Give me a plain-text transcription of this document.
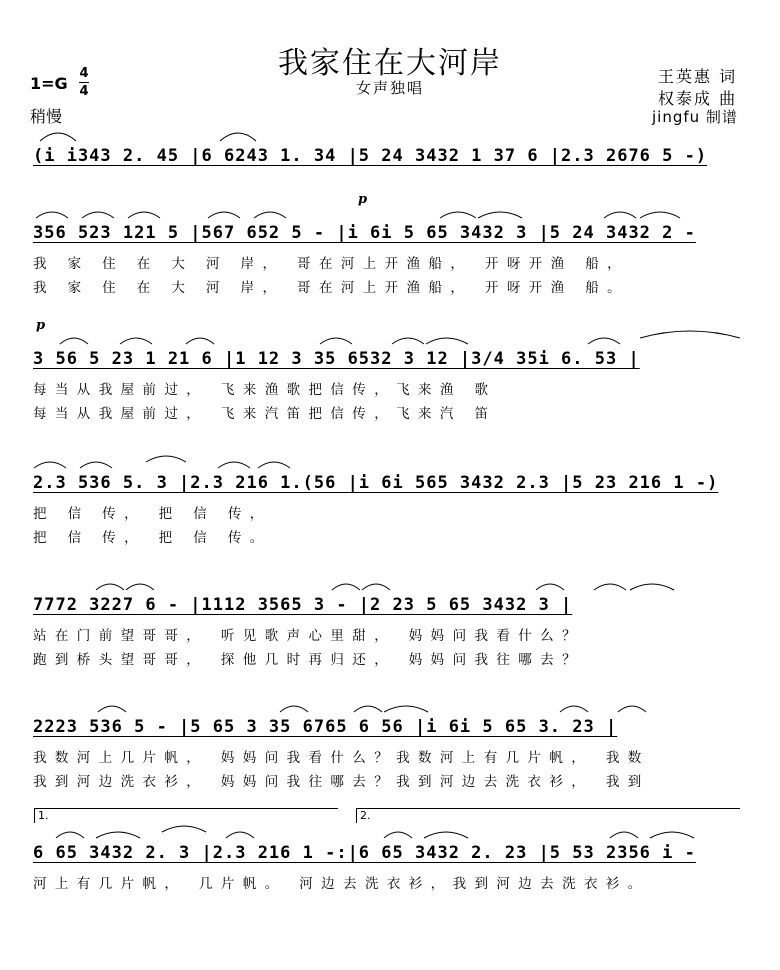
我家住在大河岸
女声独唱
1=G
4
4
稍慢
王英惠 词
权泰成 曲
jingfu 制谱
(i i343 2. 45 |6 6243 1. 34 |5 24 3432 1 37 6 |2.3 2676 5 -)
p
356 523 121 5 |567 652 5 - |i 6i 5 65 3432 3 |5 24 3432 2 -
我 家 住 在 大 河 岸， 哥在河上开渔船， 开呀开渔 船，
我 家 住 在 大 河 岸， 哥在河上开渔船， 开呀开渔 船。
p
3 56 5 23 1 21 6 |1 12 3 35 6532 3 12 |3/4 35i 6. 53 |
每当从我屋前过， 飞来渔歌把信传，飞来渔 歌
每当从我屋前过， 飞来汽笛把信传，飞来汽 笛
2.3 536 5. 3 |2.3 216 1.(56 |i 6i 565 3432 2.3 |5 23 216 1 -)
把 信 传， 把 信 传，
把 信 传， 把 信 传。
7772 3227 6 - |1112 3565 3 - |2 23 5 65 3432 3 |
站在门前望哥哥， 听见歌声心里甜， 妈妈问我看什么？
跑到桥头望哥哥， 探他几时再归还， 妈妈问我往哪去？
2223 536 5 - |5 65 3 35 6765 6 56 |i 6i 5 65 3. 23 |
我数河上几片帆， 妈妈问我看什么？我数河上有几片帆， 我数
我到河边洗衣衫， 妈妈问我往哪去？我到河边去洗衣衫， 我到
1.	2.
6 65 3432 2. 3 |2.3 216 1 -:|6 65 3432 2. 23 |5 53 2356 i -
河上有几片帆， 几片帆。 河边去洗衣衫，我到河边去洗衣衫。
